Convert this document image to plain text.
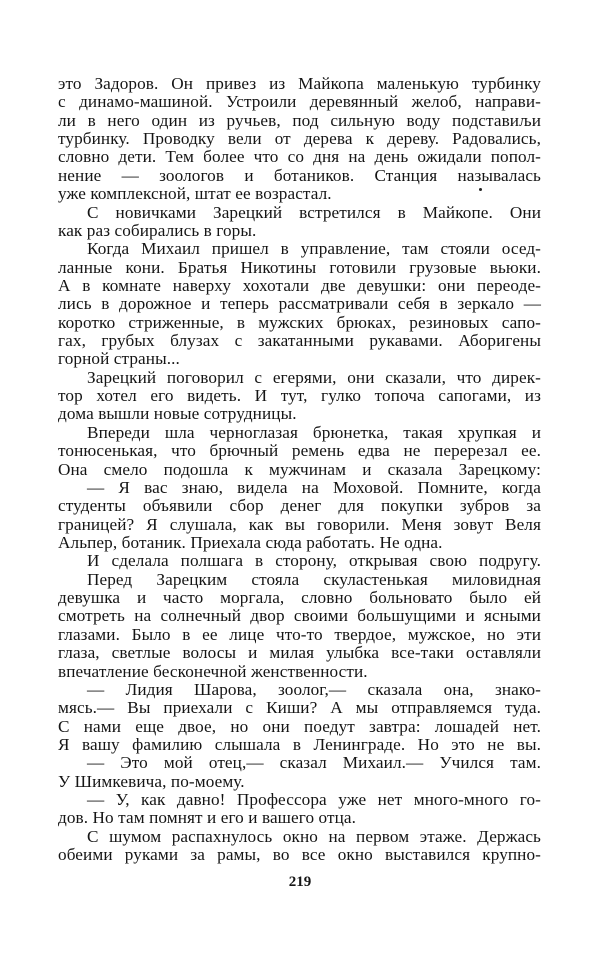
это Задоров. Он привез из Майкопа маленькую турбинку
с динамо-машиной. Устроили деревянный желоб, направи-
ли в него один из ручьев, под сильную воду подставиљи
турбинку. Проводку вели от дерева к дереву. Радовались,
словно дети. Тем более что со дня на день ожидали попол-
нение — зоологов и ботаников. Станция называлась
уже комплексной, штат ее возрастал.
С новичками Зарецкий встретился в Майкопе. Они
как раз собирались в горы.
Когда Михаил пришел в управление, там стояли осед-
ланные кони. Братья Никотины готовили грузовые вьюки.
А в комнате наверху хохотали две девушки: они переоде-
лись в дорожное и теперь рассматривали себя в зеркало —
коротко стриженные, в мужских брюках, резиновых сапо-
гах, грубых блузах с закатанными рукавами. Аборигены
горной страны...
Зарецкий поговорил с егерями, они сказали, что дирек-
тор хотел его видеть. И тут, гулко топоча сапогами, из
дома вышли новые сотрудницы.
Впереди шла черноглазая брюнетка, такая хрупкая и
тонюсенькая, что брючный ремень едва не перерезал ее.
Она смело подошла к мужчинам и сказала Зарецкому:
— Я вас знаю, видела на Моховой. Помните, когда
студенты объявили сбор денег для покупки зубров за
границей? Я слушала, как вы говорили. Меня зовут Веля
Альпер, ботаник. Приехала сюда работать. Не одна.
И сделала полшага в сторону, открывая свою подругу.
Перед Зарецким стояла скуластенькая миловидная
девушка и часто моргала, словно больновато было ей
смотреть на солнечный двор своими большущими и ясными
глазами. Было в ее лице что-то твердое, мужское, но эти
глаза, светлые волосы и милая улыбка все-таки оставляли
впечатление бесконечной женственности.
— Лидия Шарова, зоолог,— сказала она, знако-
мясь.— Вы приехали с Киши? А мы отправляемся туда.
С нами еще двое, но они поедут завтра: лошадей нет.
Я вашу фамилию слышала в Ленинграде. Но это не вы.
— Это мой отец,— сказал Михаил.— Учился там.
У Шимкевича, по-моему.
— У, как давно! Профессора уже нет много-много го-
дов. Но там помнят и его и вашего отца.
С шумом распахнулось окно на первом этаже. Держась
обеими руками за рамы, во все окно выставился крупно-
219
